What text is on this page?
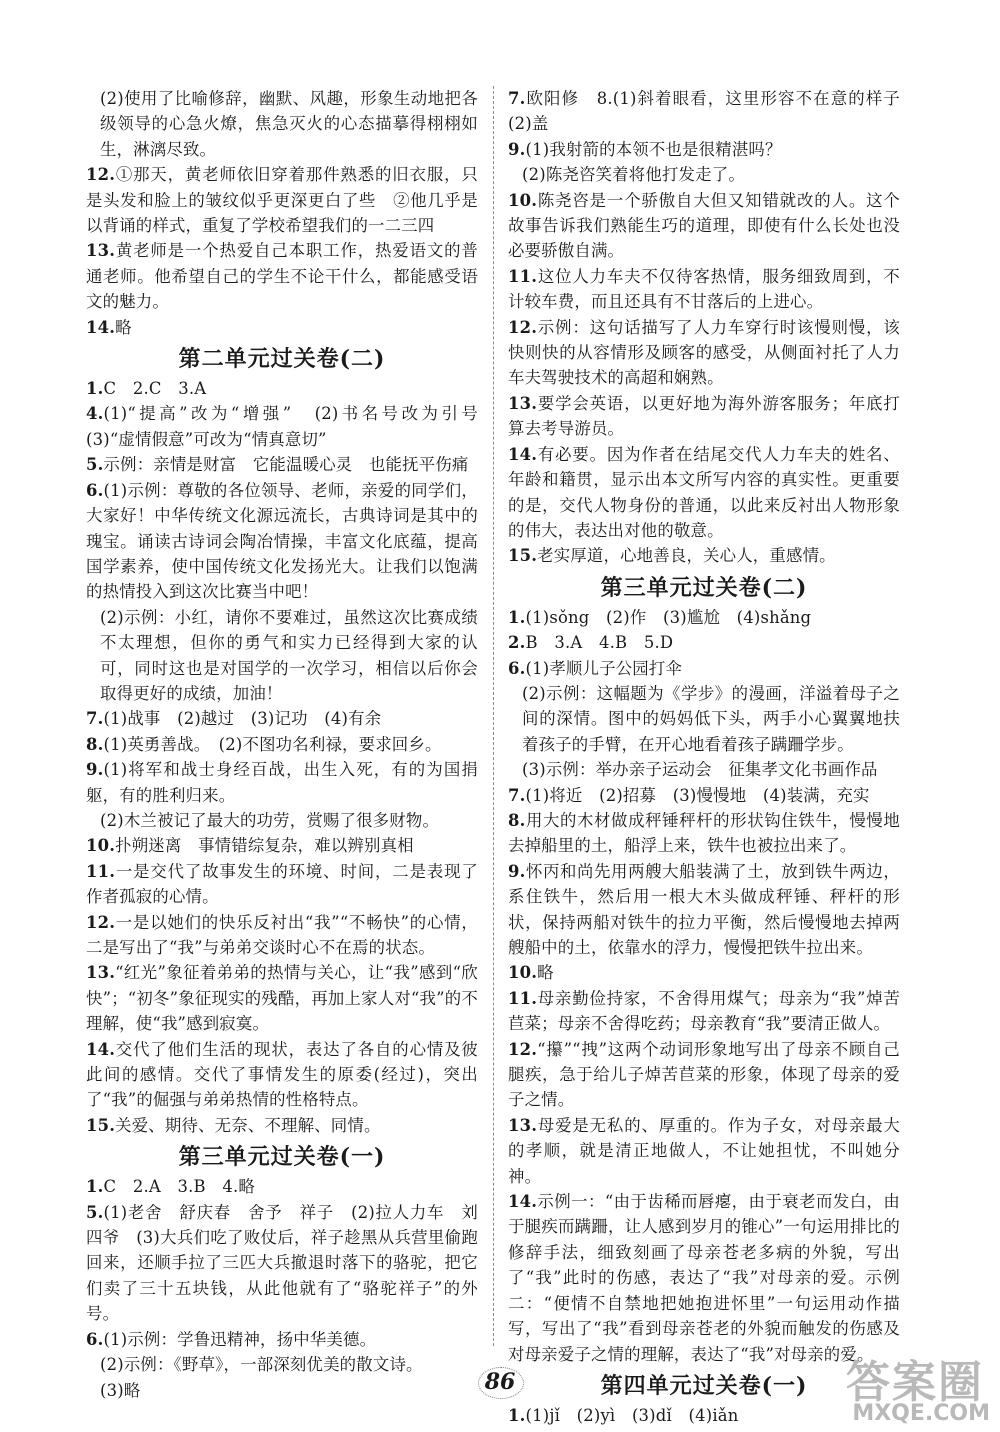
(2)使用了比喻修辞，幽默、风趣，形象生动地把各级领导的心急火燎，焦急灭火的心态描摹得栩栩如生，淋漓尽致。

12.①那天，黄老师依旧穿着那件熟悉的旧衣服，只是头发和脸上的皱纹似乎更深更白了些　②他几乎是以背诵的样式，重复了学校希望我们的一二三四

13.黄老师是一个热爱自己本职工作，热爱语文的普通老师。他希望自己的学生不论干什么，都能感受语文的魅力。

14.略

第二单元过关卷(二)

1.C　2.C　3.A

4.(1)“提高”改为“增强”　(2)书名号改为引号　(3)“虚情假意”可改为“情真意切”

5.示例：亲情是财富　它能温暖心灵　也能抚平伤痛

6.(1)示例：尊敬的各位领导、老师，亲爱的同学们，大家好！中华传统文化源远流长，古典诗词是其中的瑰宝。诵读古诗词会陶冶情操，丰富文化底蕴，提高国学素养，使中国传统文化发扬光大。让我们以饱满的热情投入到这次比赛当中吧！

(2)示例：小红，请你不要难过，虽然这次比赛成绩不太理想，但你的勇气和实力已经得到大家的认可，同时这也是对国学的一次学习，相信以后你会取得更好的成绩，加油！

7.(1)战事　(2)越过　(3)记功　(4)有余

8.(1)英勇善战。　(2)不图功名利禄，要求回乡。

9.(1)将军和战士身经百战，出生入死，有的为国捐躯，有的胜利归来。

(2)木兰被记了最大的功劳，赏赐了很多财物。

10.扑朔迷离　事情错综复杂，难以辨别真相

11.一是交代了故事发生的环境、时间，二是表现了作者孤寂的心情。

12.一是以她们的快乐反衬出“我”“不畅快”的心情，二是写出了“我”与弟弟交谈时心不在焉的状态。

13.“红光”象征着弟弟的热情与关心，让“我”感到“欣快”；“初冬”象征现实的残酷，再加上家人对“我”的不理解，使“我”感到寂寞。

14.交代了他们生活的现状，表达了各自的心情及彼此间的感情。交代了事情发生的原委(经过)，突出了“我”的倔强与弟弟热情的性格特点。

15.关爱、期待、无奈、不理解、同情。

第三单元过关卷(一)

1.C　2.A　3.B　4.略

5.(1)老舍　舒庆春　舍予　祥子　(2)拉人力车　刘四爷　(3)大兵们吃了败仗后，祥子趁黑从兵营里偷跑回来，还顺手拉了三匹大兵撤退时落下的骆驼，把它们卖了三十五块钱，从此他就有了“骆驼祥子”的外号。

6.(1)示例：学鲁迅精神，扬中华美德。

(2)示例：《野草》，一部深刻优美的散文诗。

(3)略

7.欧阳修　8.(1)斜着眼看，这里形容不在意的样子　(2)盖

9.(1)我射箭的本领不也是很精湛吗？

(2)陈尧咨笑着将他打发走了。

10.陈尧咨是一个骄傲自大但又知错就改的人。这个故事告诉我们熟能生巧的道理，即使有什么长处也没必要骄傲自满。

11.这位人力车夫不仅待客热情，服务细致周到，不计较车费，而且还具有不甘落后的上进心。

12.示例：这句话描写了人力车穿行时该慢则慢，该快则快的从容情形及顾客的感受，从侧面衬托了人力车夫驾驶技术的高超和娴熟。

13.要学会英语，以更好地为海外游客服务；年底打算去考导游员。

14.有必要。因为作者在结尾交代人力车夫的姓名、年龄和籍贯，显示出本文所写内容的真实性。更重要的是，交代人物身份的普通，以此来反衬出人物形象的伟大，表达出对他的敬意。

15.老实厚道，心地善良，关心人，重感情。

第三单元过关卷(二)

1.(1)sǒng　(2)作　(3)尴尬　(4)shǎng

2.B　3.A　4.B　5.D

6.(1)孝顺儿子公园打伞

(2)示例：这幅题为《学步》的漫画，洋溢着母子之间的深情。图中的妈妈低下头，两手小心翼翼地扶着孩子的手臂，在开心地看着孩子蹒跚学步。

(3)示例：举办亲子运动会　征集孝文化书画作品

7.(1)将近　(2)招募　(3)慢慢地　(4)装满，充实

8.用大的木材做成秤锤秤杆的形状钩住铁牛，慢慢地去掉船里的土，船浮上来，铁牛也被拉出来了。

9.怀丙和尚先用两艘大船装满了土，放到铁牛两边，系住铁牛，然后用一根大木头做成秤锤、秤杆的形状，保持两船对铁牛的拉力平衡，然后慢慢地去掉两艘船中的土，依靠水的浮力，慢慢把铁牛拉出来。

10.略

11.母亲勤俭持家，不舍得用煤气；母亲为“我”焯苦苣菜；母亲不舍得吃药；母亲教育“我”要清正做人。

12.“攥”“拽”这两个动词形象地写出了母亲不顾自己腿疾，急于给儿子焯苦苣菜的形象，体现了母亲的爱子之情。

13.母爱是无私的、厚重的。作为子女，对母亲最大的孝顺，就是清正地做人，不让她担忧，不叫她分神。

14.示例一：“由于齿稀而唇瘪，由于衰老而发白，由于腿疾而蹒跚，让人感到岁月的锥心”一句运用排比的修辞手法，细致刻画了母亲苍老多病的外貌，写出了“我”此时的伤感，表达了“我”对母亲的爱。示例二：“便情不自禁地把她抱进怀里”一句运用动作描写，写出了“我”看到母亲苍老的外貌而触发的伤感及对母亲爱子之情的理解，表达了“我”对母亲的爱。

第四单元过关卷(一)

1.(1)jǐ　(2)yì　(3)dǐ　(4)iǎn

86	答案圈
MXQE.COM
